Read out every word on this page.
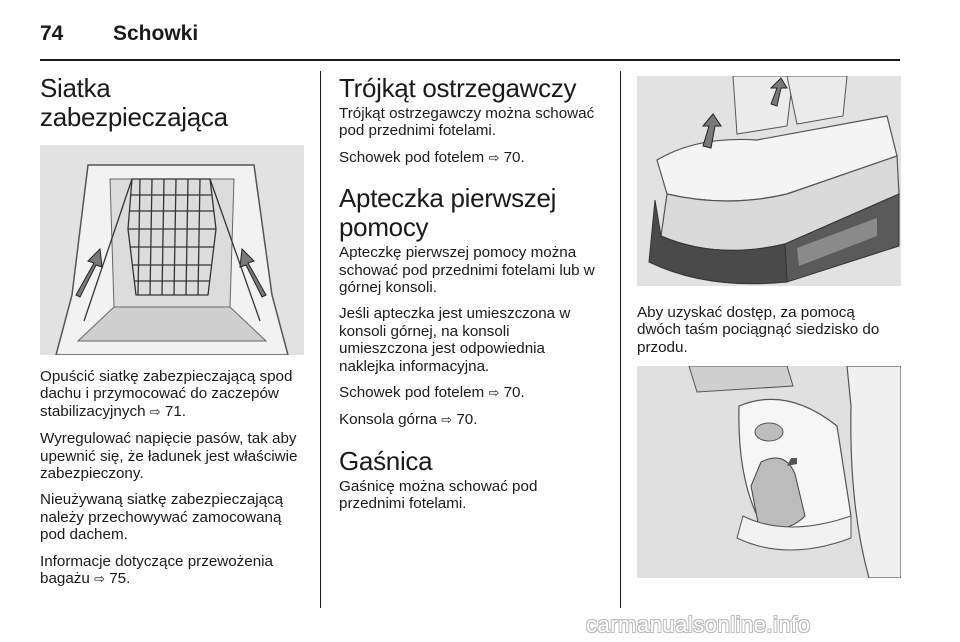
74 Schowki
Siatka zabezpieczająca

Opuścić siatkę zabezpieczającą spod dachu i przymocować do zaczepów stabilizacyjnych ⇨ 71.

Wyregulować napięcie pasów, tak aby upewnić się, że ładunek jest właściwie zabezpieczony.

Nieużywaną siatkę zabezpieczającą należy przechowywać zamocowaną pod dachem.

Informacje dotyczące przewożenia bagażu ⇨ 75.

Trójkąt ostrzegawczy

Trójkąt ostrzegawczy można schować pod przednimi fotelami.

Schowek pod fotelem ⇨ 70.

Apteczka pierwszej pomocy

Apteczkę pierwszej pomocy można schować pod przednimi fotelami lub w górnej konsoli.

Jeśli apteczka jest umieszczona w konsoli górnej, na konsoli umieszczona jest odpowiednia naklejka informacyjna.

Schowek pod fotelem ⇨ 70.

Konsola górna ⇨ 70.

Gaśnica

Gaśnicę można schować pod przednimi fotelami.

Aby uzyskać dostęp, za pomocą dwóch taśm pociągnąć siedzisko do przodu.

carmanualsonline.info
